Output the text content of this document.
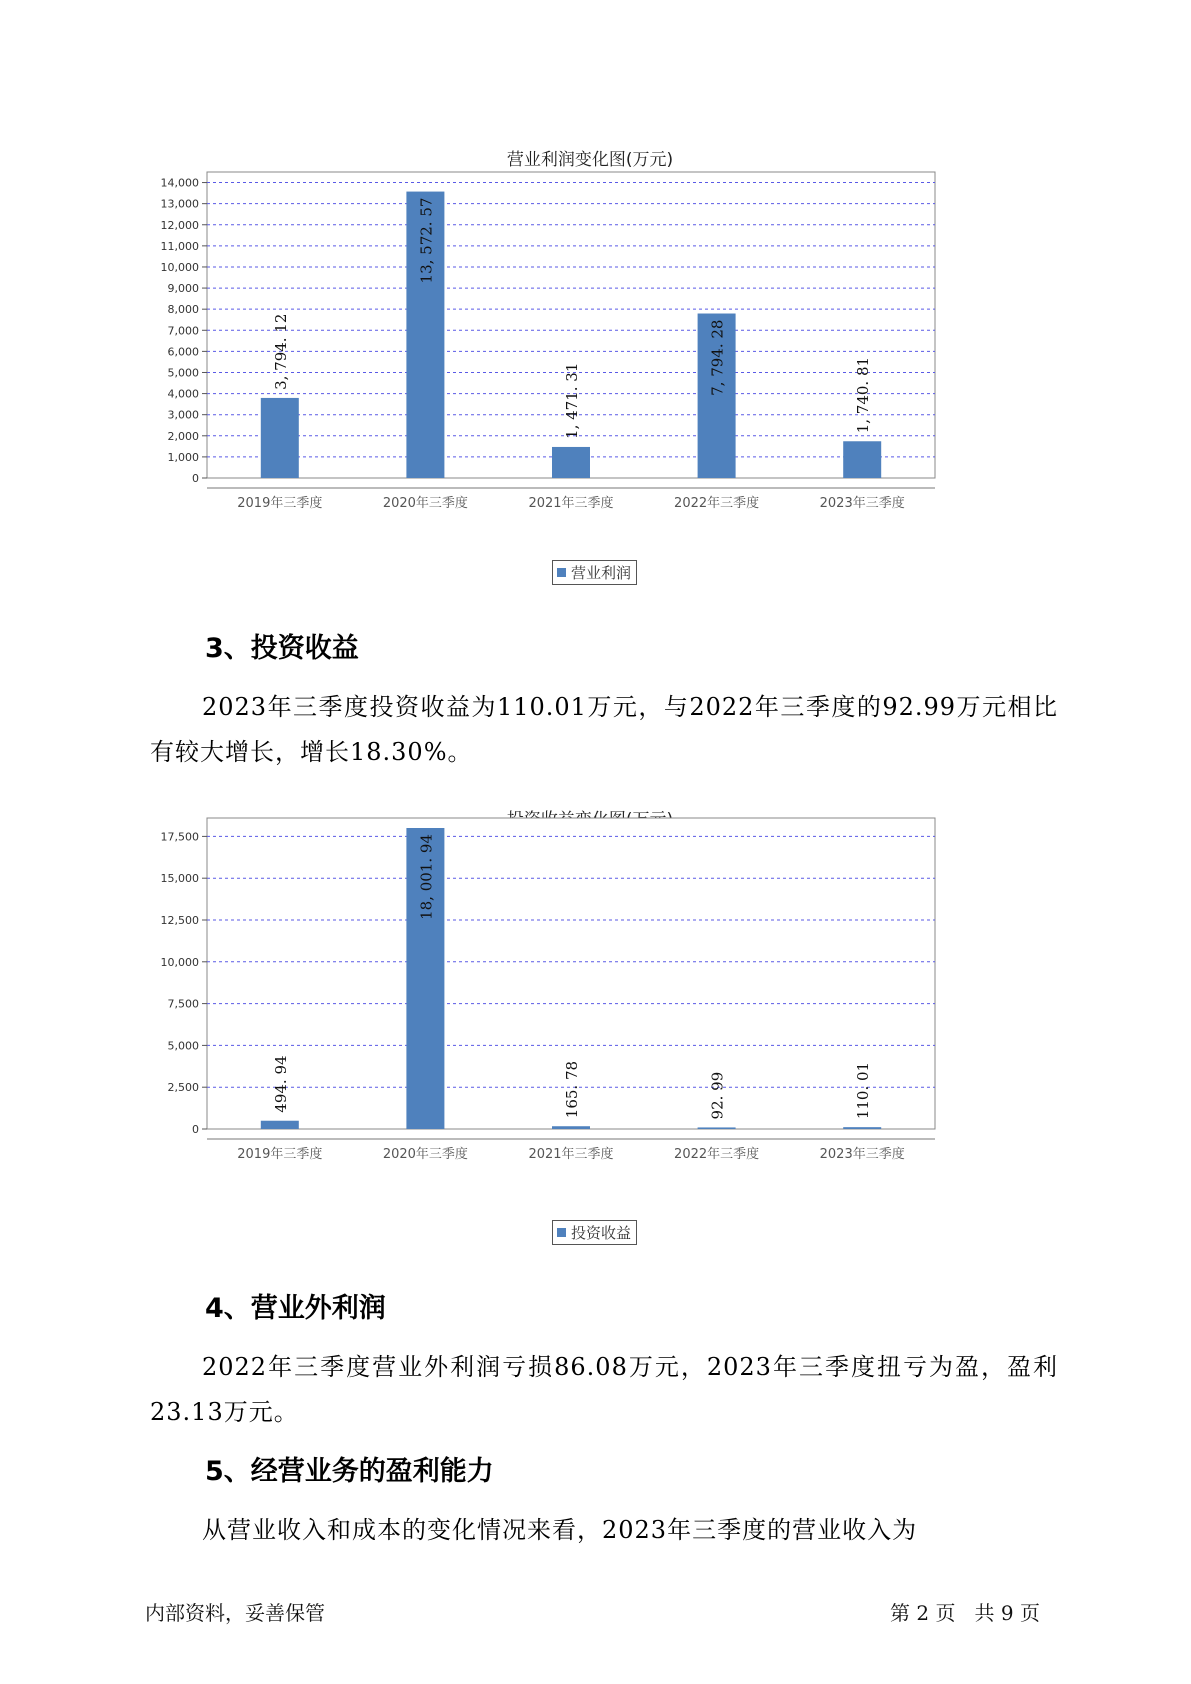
营业利润变化图(万元)
0
1,000
2,000
3,000
4,000
5,000
6,000
7,000
8,000
9,000
10,000
11,000
12,000
13,000
14,000
3, 794. 12
2019年三季度
13, 572. 57
2020年三季度
1, 471. 31
2021年三季度
7, 794. 28
2022年三季度
1, 740. 81
2023年三季度
营业利润
3、投资收益

2023年三季度投资收益为110.01万元，与2022年三季度的92.99万元相比有较大增长，增长18.30%。

0
2,500
5,000
7,500
10,000
12,500
15,000
17,500
494. 94
2019年三季度
18, 001. 94
2020年三季度
165. 78
2021年三季度
92. 99
2022年三季度
110. 01
2023年三季度
投资收益
4、营业外利润

2022年三季度营业外利润亏损86.08万元，2023年三季度扭亏为盈，盈利23.13万元。

5、经营业务的盈利能力

从营业收入和成本的变化情况来看，2023年三季度的营业收入为

内部资料，妥善保管	第 2 页   共 9 页
